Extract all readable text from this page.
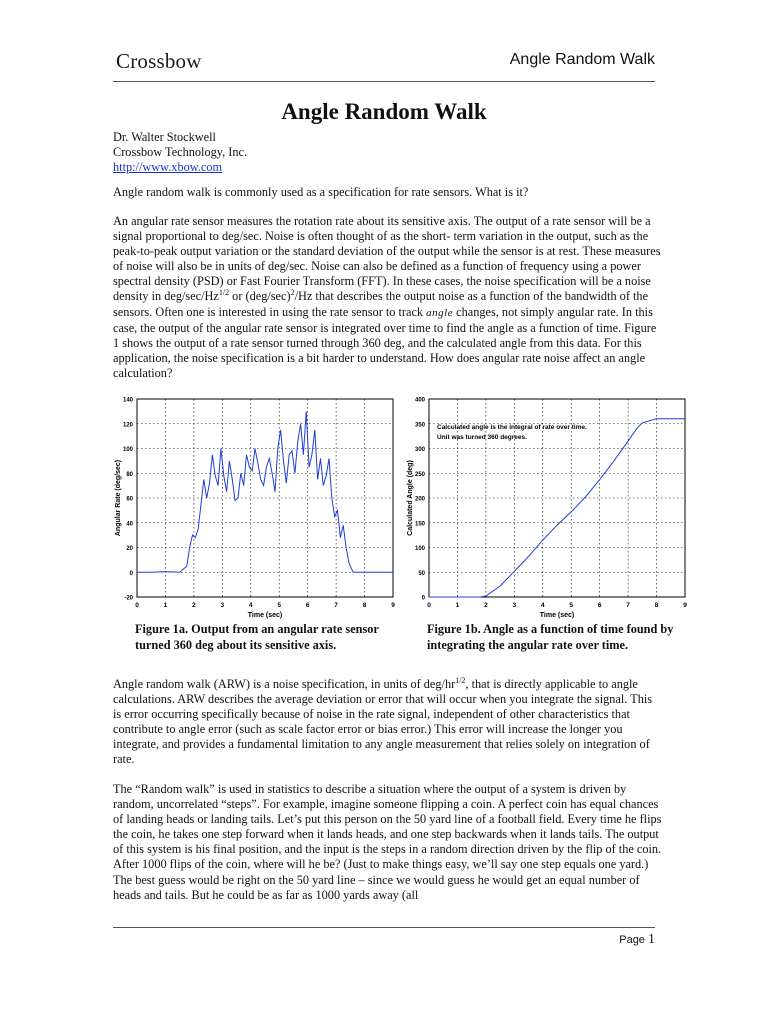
Crossbow	Angle Random Walk
Angle Random Walk
Dr. Walter Stockwell
Crossbow Technology, Inc.
http://www.xbow.com

Angle random walk is commonly used as a specification for rate sensors. What is it?

An angular rate sensor measures the rotation rate about its sensitive axis. The output of a rate sensor will be a signal proportional to deg/sec. Noise is often thought of as the short- term variation in the output, such as the peak-to-peak output variation or the standard deviation of the output while the sensor is at rest. These measures of noise will also be in units of deg/sec. Noise can also be defined as a function of frequency using a power spectral density (PSD) or Fast Fourier Transform (FFT). In these cases, the noise specification will be a noise density in deg/$\sec/Hz^{1/2}$ or $(deg/\sec)^2/Hz$ that describes the output noise as a function of the bandwidth of the sensors. Often one is interested in using the rate sensor to track angle changes, not simply angular rate. In this case, the output of the angular rate sensor is integrated over time to find the angle as a function of time. Figure 1 shows the output of a rate sensor turned through 360 deg, and the calculated angle from this data. For this application, the noise specification is a bit harder to understand. How does angular rate noise affect an angle calculation?

0	1	2	3	4	5	6	7	8	9
-20
0
20
40
60
80
100
120
140
Time (sec)
Angular Rate (deg/sec)
0	1	2	3	4	5	6	7	8	9
0
50
100
150
200
250
300
350
400
Time (sec)
Calculated Angle (deg)
Calculated angle is the integral of rate over time.
Unit was turned 360 degrees.
Figure 1a. Output from an angular rate sensor turned 360 deg about its sensitive axis.
Figure 1b. Angle as a function of time found by integrating the angular rate over time.

Angle random walk (ARW) is a noise specification, in units of deg/$hr^{1/2}$, that is directly applicable to angle calculations. ARW describes the average deviation or error that will occur when you integrate the signal. This is error occurring specifically because of noise in the rate signal, independent of other characteristics that contribute to angle error (such as scale factor error or bias error.) This error will increase the longer you integrate, and provides a fundamental limitation to any angle measurement that relies solely on integration of rate.

The “Random walk” is used in statistics to describe a situation where the output of a system is driven by random, uncorrelated “steps”. For example, imagine someone flipping a coin. A perfect coin has equal chances of landing heads or landing tails. Let’s put this person on the 50 yard line of a football field. Every time he flips the coin, he takes one step forward when it lands heads, and one step backwards when it lands tails. The output of this system is his final position, and the input is the steps in a random direction driven by the flip of the coin. After 1000 flips of the coin, where will he be? (Just to make things easy, we’ll say one step equals one yard.) The best guess would be right on the 50 yard line – since we would guess he would get an equal number of heads and tails. But he could be as far as 1000 yards away (all

Page 1
